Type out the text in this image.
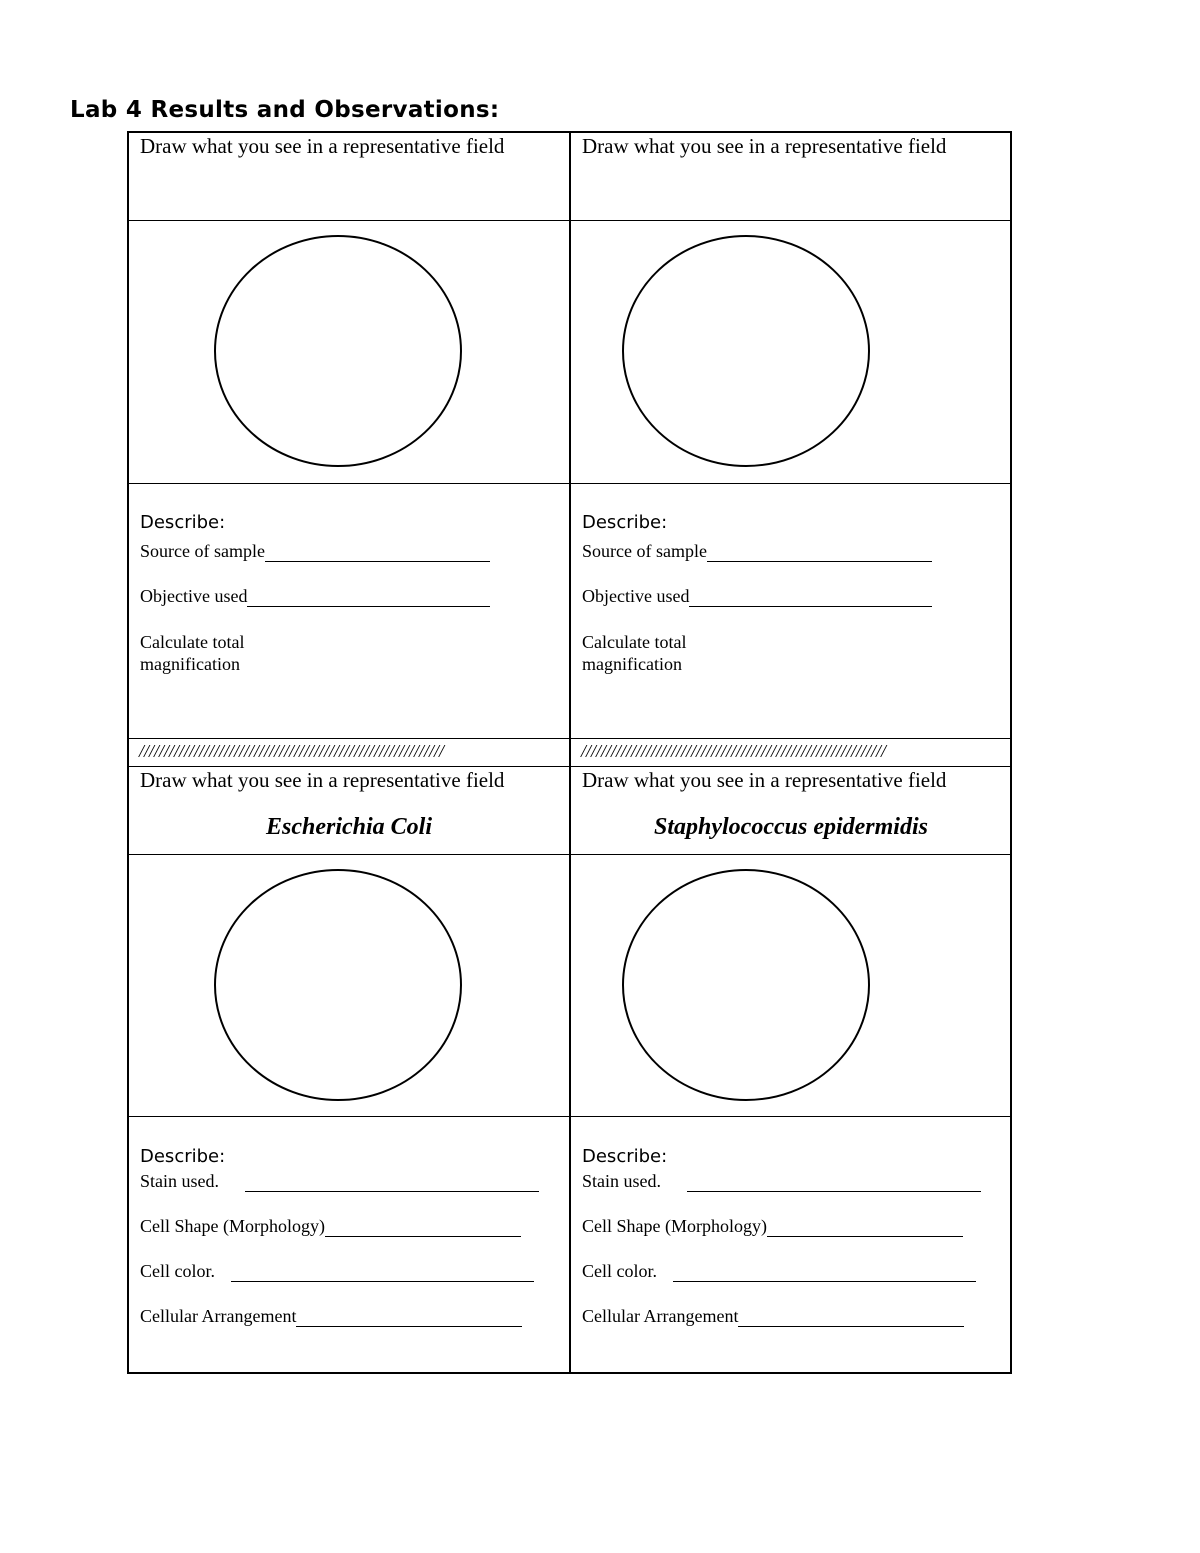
Lab 4 Results and Observations:
Draw what you see in a representative field
Describe:
Source of sample
Objective used
Calculate total
magnification
Draw what you see in a representative field
Describe:
Source of sample
Objective used
Calculate total
magnification
/////////////////////////////////////////////////////////////	/////////////////////////////////////////////////////////////
Draw what you see in a representative field
Escherichia Coli
Describe:
Stain used.
Cell Shape (Morphology)
Cell color.
Cellular Arrangement
Draw what you see in a representative field
Staphylococcus epidermidis
Describe:
Stain used.
Cell Shape (Morphology)
Cell color.
Cellular Arrangement
